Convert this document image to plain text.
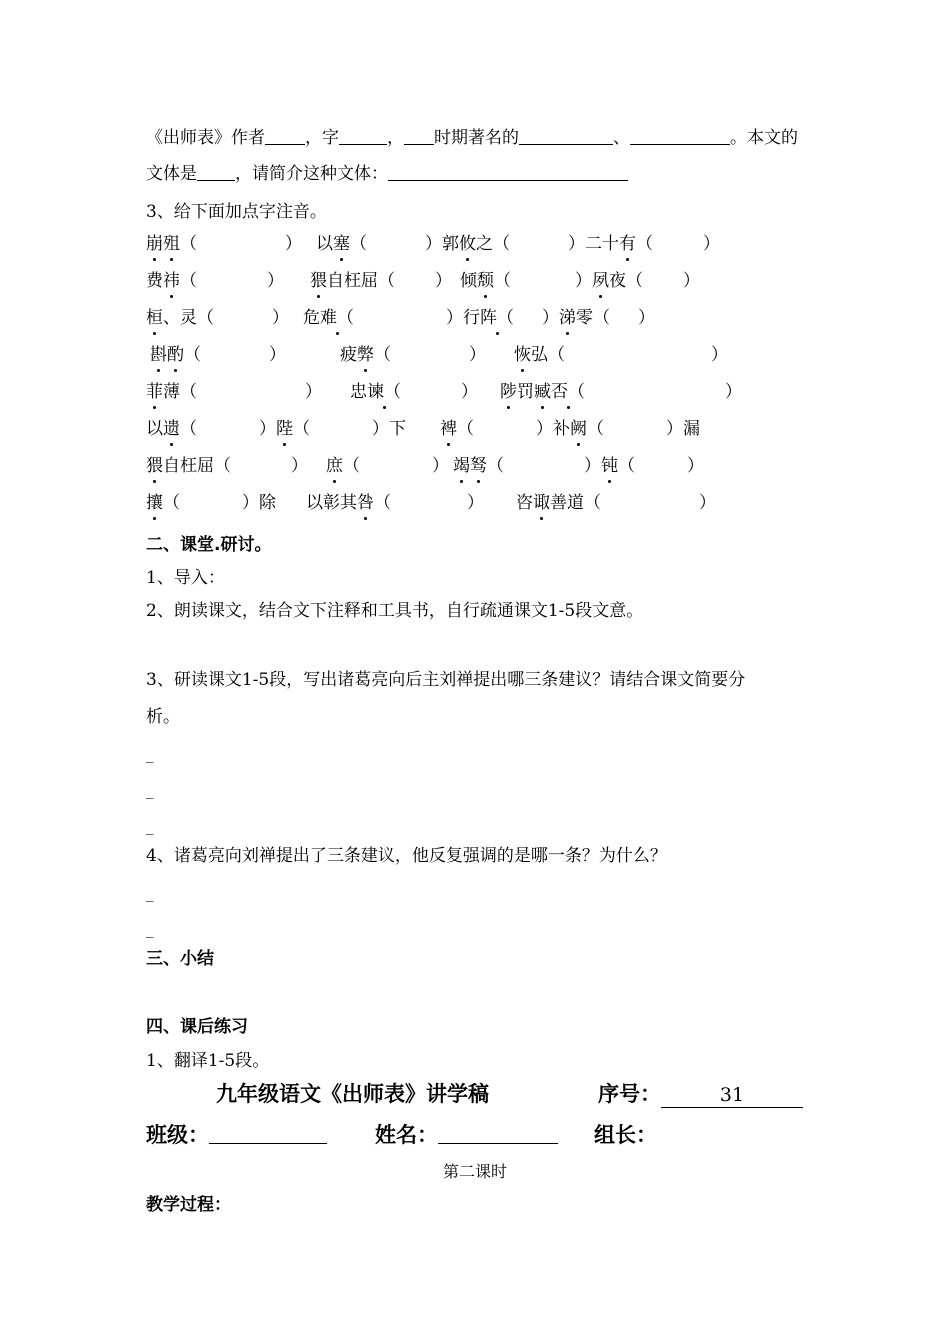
《出师表》作者 ，字	， 时期著名的	、	。本文的
文体是 ，请简介这种文体：
3、给下面加点字注音。
崩殂（	） 以塞（	）郭攸之（	）二十有（	）
费祎（	） 猥自枉屈（ ） 倾颓（	）夙夜（ ）
桓、灵（	） 危难（	）行阵（ ）涕零（ ）
斟酌（	）	疲弊（	） 恢弘（	）
菲薄（	） 忠谏（	） 陟罚臧否（	）
以遗（	）陛（	）下 裨（	）补阙（	）漏
猥自枉屈（	） 庶（	） 竭驽（	）钝（	）
攘（	）除 以彰其咎（	） 咨诹善道（	）
二、课堂.研讨。
1、导入：
2、朗读课文，结合文下注释和工具书，自行疏通课文1-5段文意。
3、研读课文1-5段，写出诸葛亮向后主刘禅提出哪三条建议？请结合课文简要分
析。
_
_
_
4、诸葛亮向刘禅提出了三条建议，他反复强调的是哪一条？为什么？
_
_
三、小结
四、课后练习
1、翻译1-5段。
九年级语文《出师表》讲学稿	序号：	31
班级：	姓名：	组长：
第二课时
教学过程：
